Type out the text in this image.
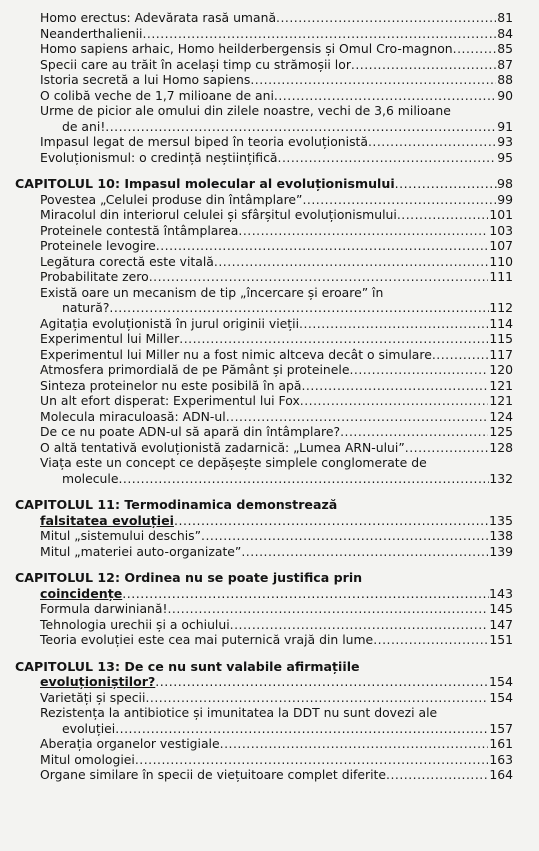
Homo erectus: Adevărata rasă umană .....	81
Neanderthalienii .....	84
Homo sapiens arhaic, Homo heilderbergensis și Omul Cro-magnon .....	85
Specii care au trăit în același timp cu strămoșii lor .....	87
Istoria secretă a lui Homo sapiens .....	88
O colibă veche de 1,7 milioane de ani .....	90
Urme de picior ale omului din zilele noastre, vechi de 3,6 milioane
de ani! .....	91
Impasul legat de mersul biped în teoria evoluționistă .....	93
Evoluționismul: o credință neștiințifică .....	95
CAPITOLUL 10: Impasul molecular al evoluționismului .....	98
Povestea „Celulei produse din întâmplare” .....	99
Miracolul din interiorul celulei și sfârșitul evoluționismului .....	101
Proteinele contestă întâmplarea .....	103
Proteinele levogire .....	107
Legătura corectă este vitală .....	110
Probabilitate zero .....	111
Există oare un mecanism de tip „încercare și eroare” în
natură? .....	112
Agitația evoluționistă în jurul originii vieții .....	114
Experimentul lui Miller .....	115
Experimentul lui Miller nu a fost nimic altceva decât o simulare .....	117
Atmosfera primordială de pe Pământ și proteinele .....	120
Sinteza proteinelor nu este posibilă în apă .....	121
Un alt efort disperat: Experimentul lui Fox .....	121
Molecula miraculoasă: ADN-ul .....	124
De ce nu poate ADN-ul să apară din întâmplare? .....	125
O altă tentativă evoluționistă zadarnică: „Lumea ARN-ului” .....	128
Viața este un concept ce depășește simplele conglomerate de
molecule .....	132
CAPITOLUL 11: Termodinamica demonstrează
falsitatea evoluției .....	135
Mitul „sistemului deschis” .....	138
Mitul „materiei auto-organizate” .....	139
CAPITOLUL 12: Ordinea nu se poate justifica prin
coincidențe .....	143
Formula darwiniană! .....	145
Tehnologia urechii și a ochiului .....	147
Teoria evoluției este cea mai puternică vrajă din lume .....	151
CAPITOLUL 13: De ce nu sunt valabile afirmațiile
evoluționiștilor? .....	154
Varietăți și specii .....	154
Rezistența la antibiotice și imunitatea la DDT nu sunt dovezi ale
evoluției .....	157
Aberația organelor vestigiale .....	161
Mitul omologiei .....	163
Organe similare în specii de viețuitoare complet diferite .....	164
